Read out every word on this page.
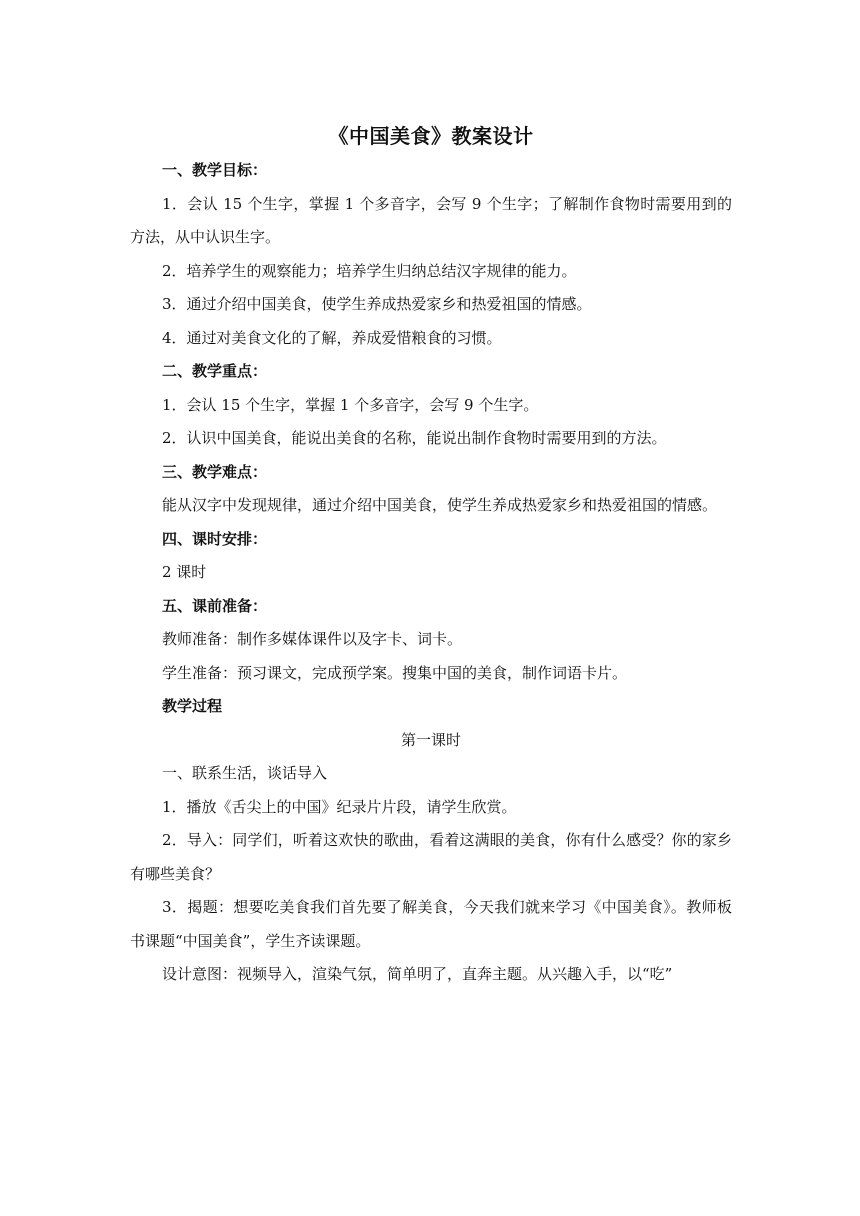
《中国美食》教案设计

一、教学目标：

1．会认 15 个生字，掌握 1 个多音字，会写 9 个生字；了解制作食物时需要用到的方法，从中认识生字。

2．培养学生的观察能力；培养学生归纳总结汉字规律的能力。

3．通过介绍中国美食，使学生养成热爱家乡和热爱祖国的情感。

4．通过对美食文化的了解，养成爱惜粮食的习惯。

二、教学重点：

1．会认 15 个生字，掌握 1 个多音字，会写 9 个生字。

2．认识中国美食，能说出美食的名称，能说出制作食物时需要用到的方法。

三、教学难点：

能从汉字中发现规律，通过介绍中国美食，使学生养成热爱家乡和热爱祖国的情感。

四、课时安排：

2 课时

五、课前准备：

教师准备：制作多媒体课件以及字卡、词卡。

学生准备：预习课文，完成预学案。搜集中国的美食，制作词语卡片。

教学过程

第一课时

一、联系生活，谈话导入

1．播放《舌尖上的中国》纪录片片段，请学生欣赏。

2．导入：同学们，听着这欢快的歌曲，看着这满眼的美食，你有什么感受？你的家乡有哪些美食？

3．揭题：想要吃美食我们首先要了解美食，今天我们就来学习《中国美食》。教师板书课题“中国美食”，学生齐读课题。

设计意图：视频导入，渲染气氛，简单明了，直奔主题。从兴趣入手，以“吃”
